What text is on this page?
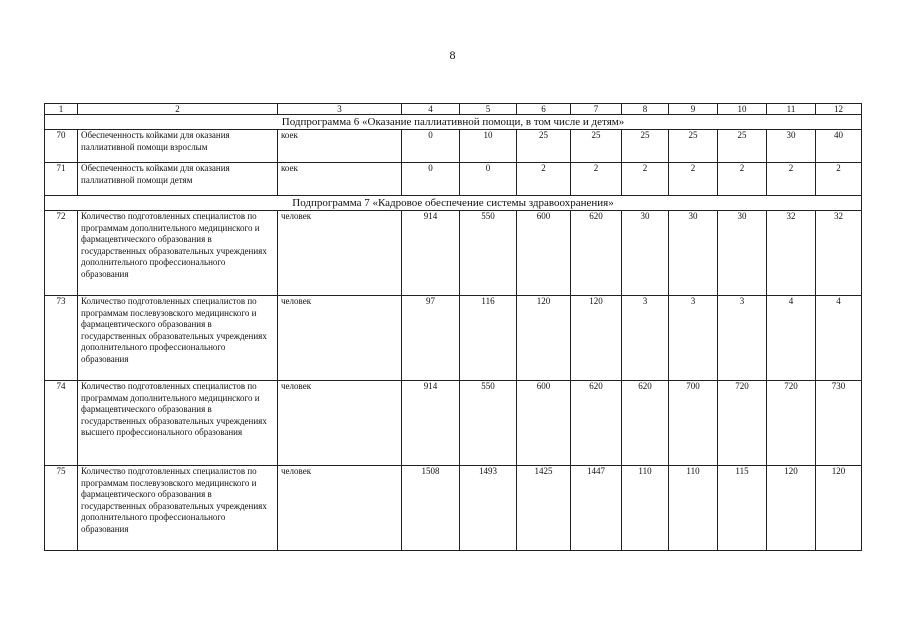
8
1	2	3	4	5	6	7	8	9	10	11	12
Подпрограмма 6 «Оказание паллиативной помощи, в том числе и детям»											
70	Обеспеченность койками для оказания паллиативной помощи взрослым	коек	0	10	25	25	25	25	25	30	40
71	Обеспеченность койками для оказания паллиативной помощи детям	коек	0	0	2	2	2	2	2	2	2
Подпрограмма 7 «Кадровое обеспечение системы здравоохранения»											
72	Количество подготовленных специалистов по программам дополнительного медицинского и фармацевтического образования в государственных образовательных учреждениях дополнительного профессионального образования	человек	914	550	600	620	30	30	30	32	32
73	Количество подготовленных специалистов по программам послевузовского медицинского и фармацевтического образования в государственных образовательных учреждениях дополнительного профессионального образования	человек	97	116	120	120	3	3	3	4	4
74	Количество подготовленных специалистов по программам дополнительного медицинского и фармацевтического образования в государственных образовательных учреждениях высшего профессионального образования	человек	914	550	600	620	620	700	720	720	730
75	Количество подготовленных специалистов по программам послевузовского медицинского и фармацевтического образования в государственных образовательных учреждениях дополнительного профессионального образования	человек	1508	1493	1425	1447	110	110	115	120	120
